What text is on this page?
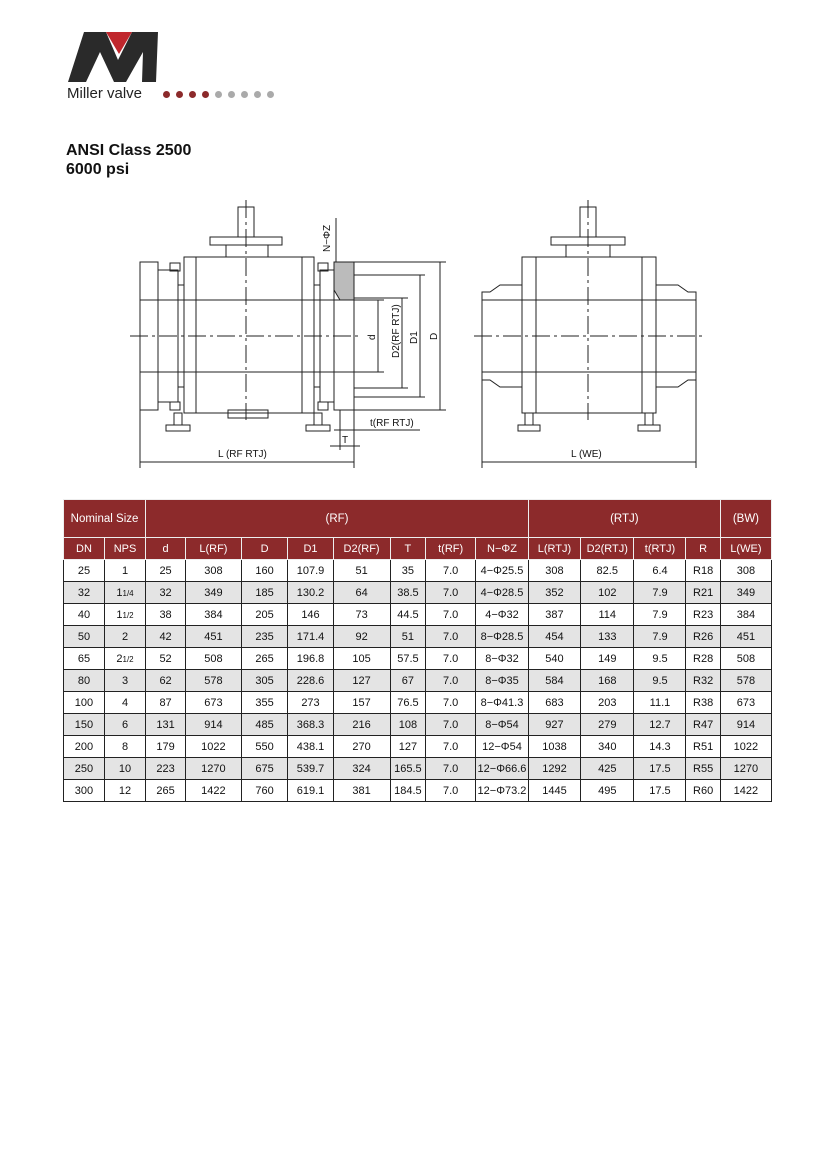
Miller valve
ANSI Class 2500
6000 psi
N−ΦZ
d D2(RF RTJ) D1 D
t(RF RTJ)
T
L (RF RTJ)	L (WE)
Nominal Size		(RF)								(RTJ)				(BW)
DN	NPS	d	L(RF)	D	D1	D2(RF)	T	t(RF)	N−ΦZ	L(RTJ)	D2(RTJ)	t(RTJ)	R	L(WE)
25	1	25	308	160	107.9	51	35	7.0	4−Φ25.5	308	82.5	6.4	R18	308
32	11/4	32	349	185	130.2	64	38.5	7.0	4−Φ28.5	352	102	7.9	R21	349
40	11/2	38	384	205	146	73	44.5	7.0	4−Φ32	387	114	7.9	R23	384
50	2	42	451	235	171.4	92	51	7.0	8−Φ28.5	454	133	7.9	R26	451
65	21/2	52	508	265	196.8	105	57.5	7.0	8−Φ32	540	149	9.5	R28	508
80	3	62	578	305	228.6	127	67	7.0	8−Φ35	584	168	9.5	R32	578
100	4	87	673	355	273	157	76.5	7.0	8−Φ41.3	683	203	11.1	R38	673
150	6	131	914	485	368.3	216	108	7.0	8−Φ54	927	279	12.7	R47	914
200	8	179	1022	550	438.1	270	127	7.0	12−Φ54	1038	340	14.3	R51	1022
250	10	223	1270	675	539.7	324	165.5	7.0	12−Φ66.6	1292	425	17.5	R55	1270
300	12	265	1422	760	619.1	381	184.5	7.0	12−Φ73.2	1445	495	17.5	R60	1422
